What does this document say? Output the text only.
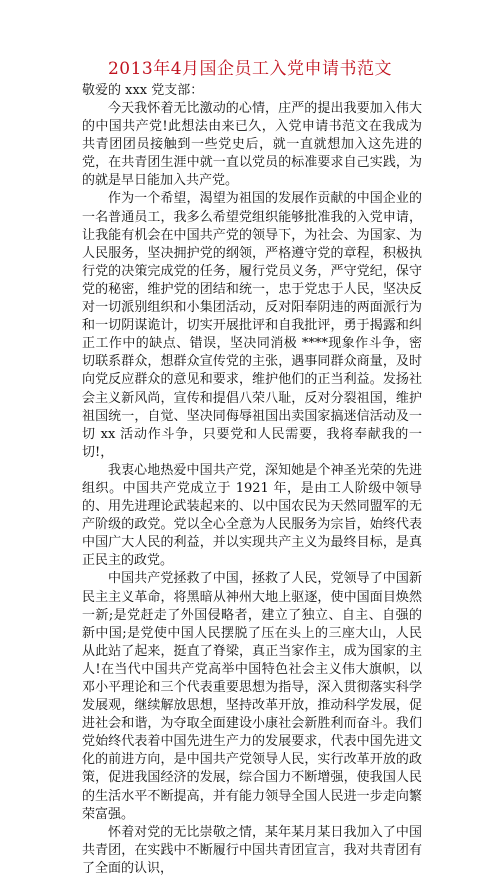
2013年4月国企员工入党申请书范文

敬爱的 xxx 党支部：

今天我怀着无比激动的心情，庄严的提出我要加入伟大的中国共产党!此想法由来已久，入党申请书范文在我成为共青团团员接触到一些党史后，就一直就想加入这先进的党，在共青团生涯中就一直以党员的标准要求自己实践，为的就是早日能加入共产党。

作为一个希望，渴望为祖国的发展作贡献的中国企业的一名普通员工，我多么希望党组织能够批准我的入党申请，让我能有机会在中国共产党的领导下，为社会、为国家、为人民服务，坚决拥护党的纲领，严格遵守党的章程，积极执行党的决策完成党的任务，履行党员义务，严守党纪，保守党的秘密，维护党的团结和统一，忠于党忠于人民，坚决反对一切派别组织和小集团活动，反对阳奉阴违的两面派行为和一切阴谋诡计，切实开展批评和自我批评，勇于揭露和纠正工作中的缺点、错误，坚决同消极 ****现象作斗争，密切联系群众，想群众宣传党的主张，遇事同群众商量，及时向党反应群众的意见和要求，维护他们的正当利益。发扬社会主义新风尚，宣传和提倡八荣八耻，反对分裂祖国，维护祖国统一，自觉、坚决同侮辱祖国出卖国家搞迷信活动及一切 xx 活动作斗争，只要党和人民需要，我将奉献我的一切!，

我衷心地热爱中国共产党，深知她是个神圣光荣的先进组织。中国共产党成立于 1921 年，是由工人阶级中领导的、用先进理论武装起来的、以中国农民为天然同盟军的无产阶级的政党。党以全心全意为人民服务为宗旨，始终代表中国广大人民的利益，并以实现共产主义为最终目标，是真正民主的政党。

中国共产党拯救了中国，拯救了人民，党领导了中国新民主主义革命，将黑暗从神州大地上驱逐，使中国面目焕然一新;是党赶走了外国侵略者，建立了独立、自主、自强的新中国;是党使中国人民摆脱了压在头上的三座大山，人民从此站了起来，挺直了脊梁，真正当家作主，成为国家的主人!在当代中国共产党高举中国特色社会主义伟大旗帜，以邓小平理论和三个代表重要思想为指导，深入贯彻落实科学发展观，继续解放思想，坚持改革开放，推动科学发展，促进社会和谐，为夺取全面建设小康社会新胜利而奋斗。我们党始终代表着中国先进生产力的发展要求，代表中国先进文化的前进方向，是中国共产党领导人民，实行改革开放的政策，促进我国经济的发展，综合国力不断增强，使我国人民的生活水平不断提高，并有能力领导全国人民进一步走向繁荣富强。

怀着对党的无比崇敬之情，某年某月某日我加入了中国共青团，在实践中不断履行中国共青团宣言，我对共青团有了全面的认识，
